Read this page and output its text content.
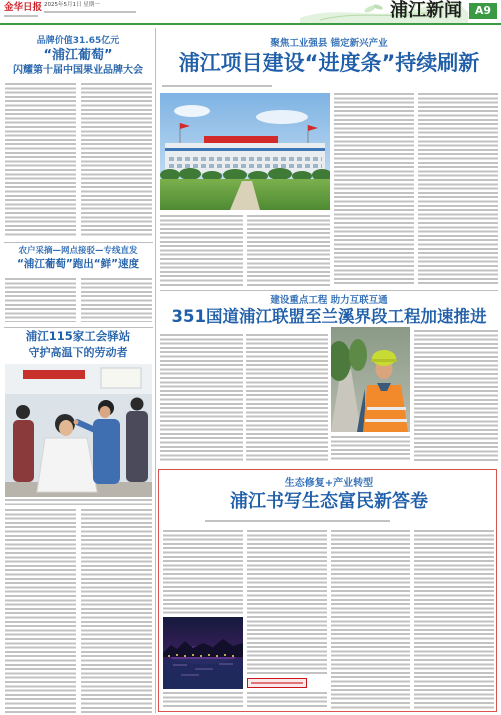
金华日报 2025年5月1日 星期一	浦江新闻	A9
品牌价值31.65亿元
“浦江葡萄”
闪耀第十届中国果业品牌大会
农户采摘—网点接驳—专线直发
“浦江葡萄”跑出“鲜”速度
浦江115家工会驿站
守护高温下的劳动者
聚焦工业强县 锚定新兴产业
浦江项目建设“进度条”持续刷新
建设重点工程 助力互联互通
351国道浦江联盟至兰溪界段工程加速推进
生态修复+产业转型
浦江书写生态富民新答卷
